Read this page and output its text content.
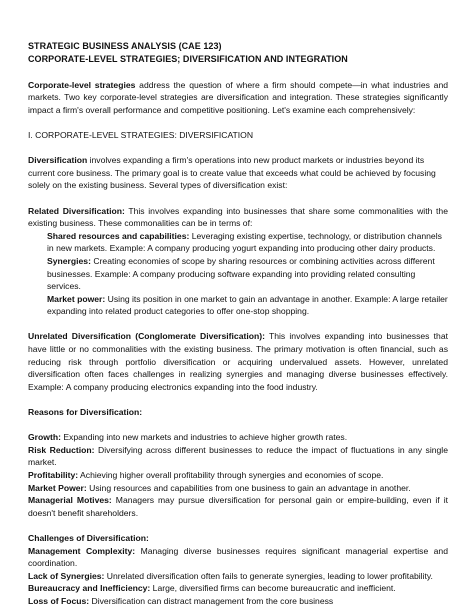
STRATEGIC BUSINESS ANALYSIS (CAE 123)
CORPORATE-LEVEL STRATEGIES; DIVERSIFICATION AND INTEGRATION

Corporate-level strategies address the question of where a firm should compete—in what industries and markets. Two key corporate-level strategies are diversification and integration. These strategies significantly impact a firm's overall performance and competitive positioning. Let's examine each comprehensively:

I. CORPORATE-LEVEL STRATEGIES: DIVERSIFICATION

Diversification involves expanding a firm's operations into new product markets or industries beyond its current core business. The primary goal is to create value that exceeds what could be achieved by focusing solely on the existing business. Several types of diversification exist:

Related Diversification: This involves expanding into businesses that share some commonalities with the existing business. These commonalities can be in terms of:

Shared resources and capabilities: Leveraging existing expertise, technology, or distribution channels in new markets. Example: A company producing yogurt expanding into producing other dairy products.

Synergies: Creating economies of scope by sharing resources or combining activities across different businesses. Example: A company producing software expanding into providing related consulting services.

Market power: Using its position in one market to gain an advantage in another. Example: A large retailer expanding into related product categories to offer one-stop shopping.

Unrelated Diversification (Conglomerate Diversification): This involves expanding into businesses that have little or no commonalities with the existing business. The primary motivation is often financial, such as reducing risk through portfolio diversification or acquiring undervalued assets. However, unrelated diversification often faces challenges in realizing synergies and managing diverse businesses effectively. Example: A company producing electronics expanding into the food industry.

Reasons for Diversification:

Growth: Expanding into new markets and industries to achieve higher growth rates.

Risk Reduction: Diversifying across different businesses to reduce the impact of fluctuations in any single market.

Profitability: Achieving higher overall profitability through synergies and economies of scope.

Market Power: Using resources and capabilities from one business to gain an advantage in another.

Managerial Motives: Managers may pursue diversification for personal gain or empire-building, even if it doesn't benefit shareholders.

Challenges of Diversification:

Management Complexity: Managing diverse businesses requires significant managerial expertise and coordination.

Lack of Synergies: Unrelated diversification often fails to generate synergies, leading to lower profitability.

Bureaucracy and Inefficiency: Large, diversified firms can become bureaucratic and inefficient.

Loss of Focus: Diversification can distract management from the core business
